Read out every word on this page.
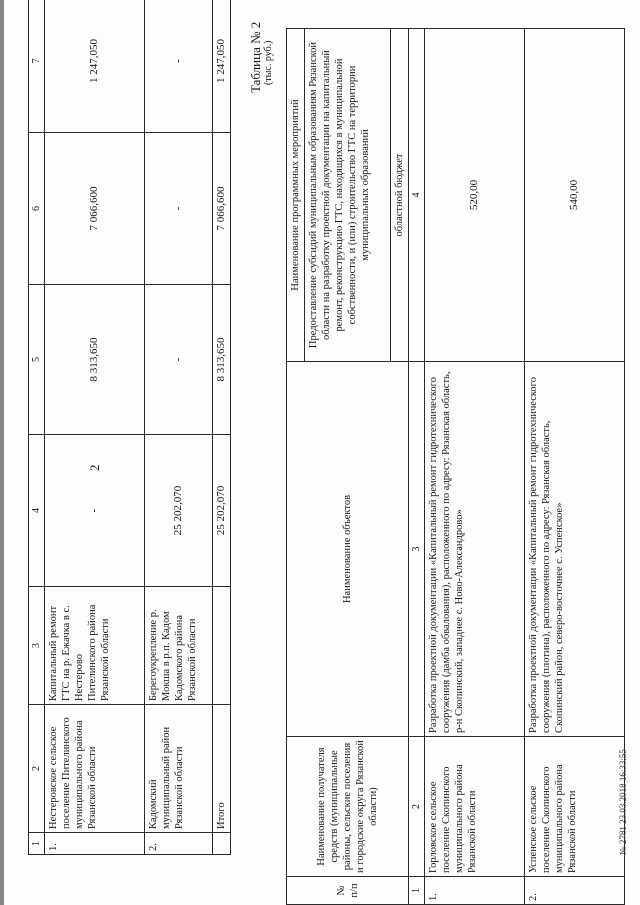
2
1	2	3	4	5	6	7
1.	Нестеровское сельское поселение Пителинского муниципального района Рязанской области	Капитальный ремонт ГТС на р. Ежачка в с. Нестерово Пителинского района Рязанской области	-	8 313,650	7 066,600	1 247,050
2.	Кадомский муниципальный район Рязанской области	Берегоукрепление р. Мокша в р.п. Кадом Кадомского района Рязанской области	25 202,070	-	-	-
	Итого		25 202,070	8 313,650	7 066,600	1 247,050 Таблица № 2 (тыс. руб.)
№ п/п	Наименование получателя средств (муниципальные районы, сельские поселения и городские округа Рязанской области)	Наименование объектов	Наименование программных мероприятий
			Предоставление субсидий муниципальным образованиям Рязанской области на разработку проектной документации на капитальный ремонт, реконструкцию ГТС, находящихся в муниципальной собственности, и (или) строительство ГТС на территории муниципальных образований
			областной бюджет
1	2	3	4
1.	Горловское сельское поселение Скопинского муниципального района Рязанской области	Разработка проектной документации «Капитальный ремонт гидротехнического сооружения (дамба обвалования), расположенного по адресу: Рязанская область, р-н Скопинский, западнее с. Ново-Александрово»	520,00
2.	Успенское сельское поселение Скопинского муниципального района Рязанской области	Разработка проектной документации «Капитальный ремонт гидротехнического сооружения (плотина), расположенного по адресу: Рязанская область, Скопинский район, северо-восточнее с. Успенское»	540,00
№ 2781 23.03.2018 16:33:55
